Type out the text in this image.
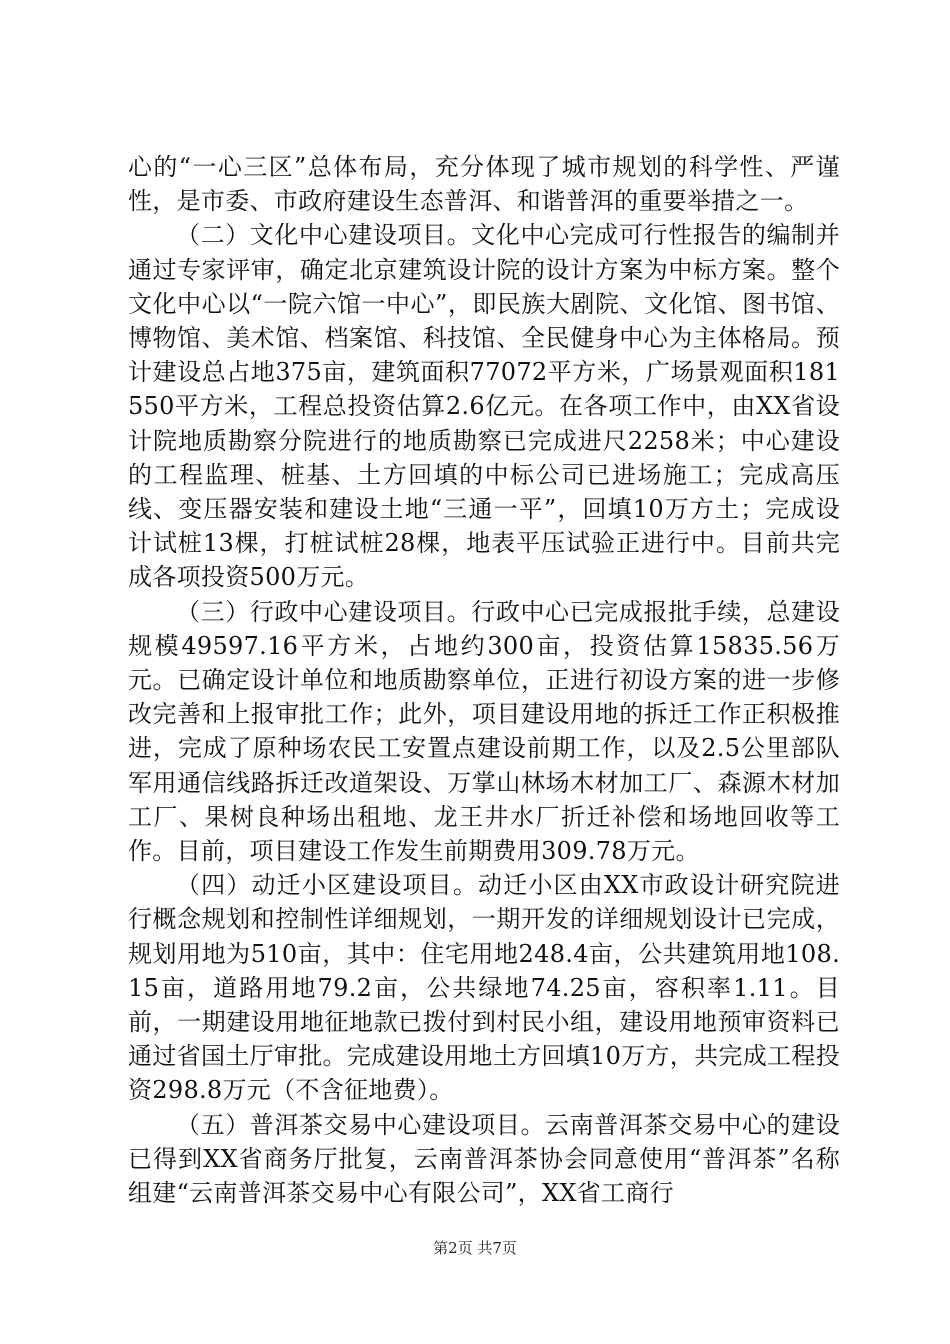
心的“一心三区”总体布局，充分体现了城市规划的科学性、严谨性，是市委、市政府建设生态普洱、和谐普洱的重要举措之一。

（二）文化中心建设项目。文化中心完成可行性报告的编制并通过专家评审，确定北京建筑设计院的设计方案为中标方案。整个文化中心以“一院六馆一中心”，即民族大剧院、文化馆、图书馆、博物馆、美术馆、档案馆、科技馆、全民健身中心为主体格局。预计建设总占地375亩，建筑面积77072平方米，广场景观面积181550平方米，工程总投资估算2.6亿元。在各项工作中，由XX省设计院地质勘察分院进行的地质勘察已完成进尺2258米；中心建设的工程监理、桩基、土方回填的中标公司已进场施工；完成高压线、变压器安装和建设土地“三通一平”，回填10万方土；完成设计试桩13棵，打桩试桩28棵，地表平压试验正进行中。目前共完成各项投资500万元。

（三）行政中心建设项目。行政中心已完成报批手续，总建设规模49597.16平方米，占地约300亩，投资估算15835.56万元。已确定设计单位和地质勘察单位，正进行初设方案的进一步修改完善和上报审批工作；此外，项目建设用地的拆迁工作正积极推进，完成了原种场农民工安置点建设前期工作，以及2.5公里部队军用通信线路拆迁改道架设、万掌山林场木材加工厂、森源木材加工厂、果树良种场出租地、龙王井水厂折迁补偿和场地回收等工作。目前，项目建设工作发生前期费用309.78万元。

（四）动迁小区建设项目。动迁小区由XX市政设计研究院进行概念规划和控制性详细规划，一期开发的详细规划设计已完成，规划用地为510亩，其中：住宅用地248.4亩，公共建筑用地108.15亩，道路用地79.2亩，公共绿地74.25亩，容积率1.11。目前，一期建设用地征地款已拨付到村民小组，建设用地预审资料已通过省国土厅审批。完成建设用地土方回填10万方，共完成工程投资298.8万元（不含征地费）。

（五）普洱茶交易中心建设项目。云南普洱茶交易中心的建设已得到XX省商务厅批复，云南普洱茶协会同意使用“普洱茶”名称组建“云南普洱茶交易中心有限公司”，XX省工商行

第2页 共7页
